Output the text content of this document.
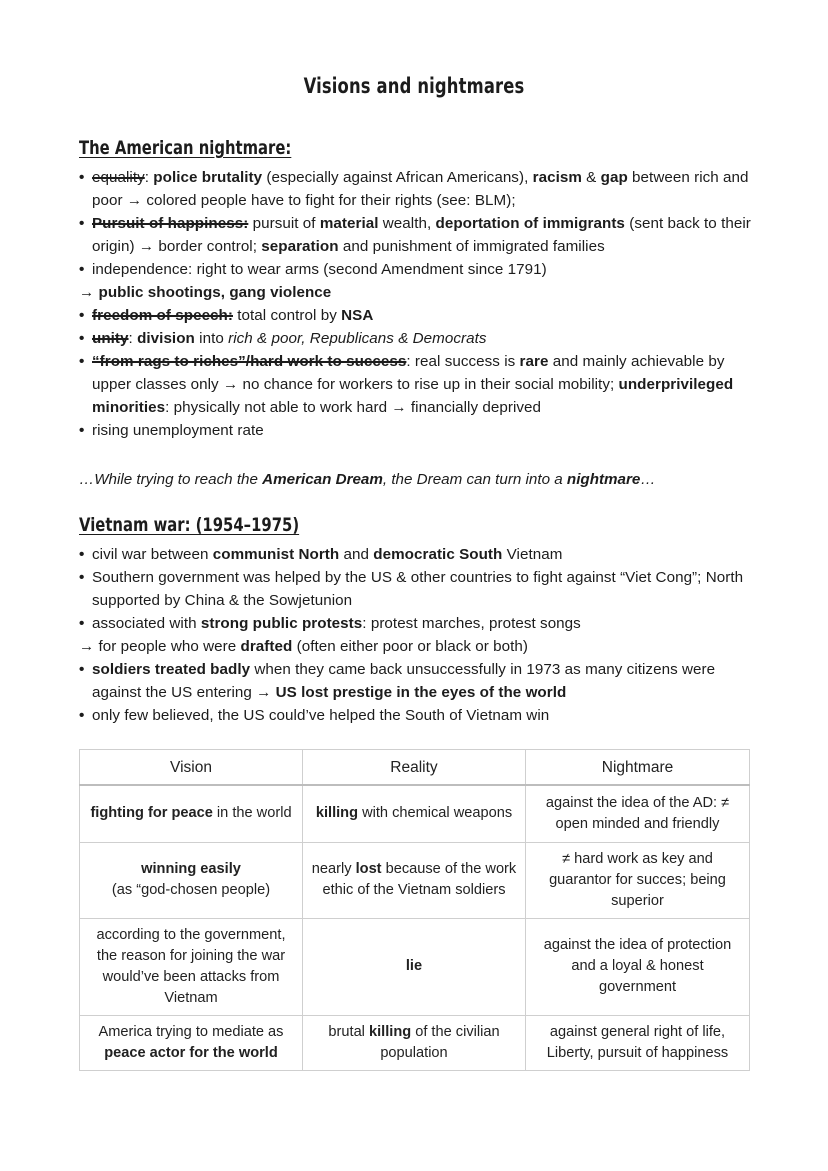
Visions and nightmares
The American nightmare:
• equality: police brutality (especially against African Americans), racism & gap between rich and poor → colored people have to fight for their rights (see: BLM);
• Pursuit of happiness: pursuit of material wealth, deportation of immigrants (sent back to their origin) → border control; separation and punishment of immigrated families
• independence: right to wear arms (second Amendment since 1791)
→ public shootings, gang violence
• freedom of speech: total control by NSA
• unity: division into rich & poor, Republicans & Democrats
• “from rags to riches”/hard work to success: real success is rare and mainly achievable by upper classes only → no chance for workers to rise up in their social mobility; underprivileged minorities: physically not able to work hard → financially deprived
• rising unemployment rate

…While trying to reach the American Dream, the Dream can turn into a nightmare…

Vietnam war: (1954–1975)
• civil war between communist North and democratic South Vietnam
• Southern government was helped by the US & other countries to fight against “Viet Cong”; North supported by China & the Sowjetunion
• associated with strong public protests: protest marches, protest songs
→ for people who were drafted (often either poor or black or both)
• soldiers treated badly when they came back unsuccessfully in 1973 as many citizens were against the US entering → US lost prestige in the eyes of the world
• only few believed, the US could’ve helped the South of Vietnam win
Vision	Reality	Nightmare
fighting for peace in the world	killing with chemical weapons	against the idea of the AD: ≠ open minded and friendly
winning easily
(as “god-chosen people)	nearly lost because of the work ethic of the Vietnam soldiers	≠ hard work as key and guarantor for succes; being superior
according to the government, the reason for joining the war would’ve been attacks from Vietnam	lie	against the idea of protection and a loyal & honest government
America trying to mediate as peace actor for the world	brutal killing of the civilian population	against general right of life, Liberty, pursuit of happiness
